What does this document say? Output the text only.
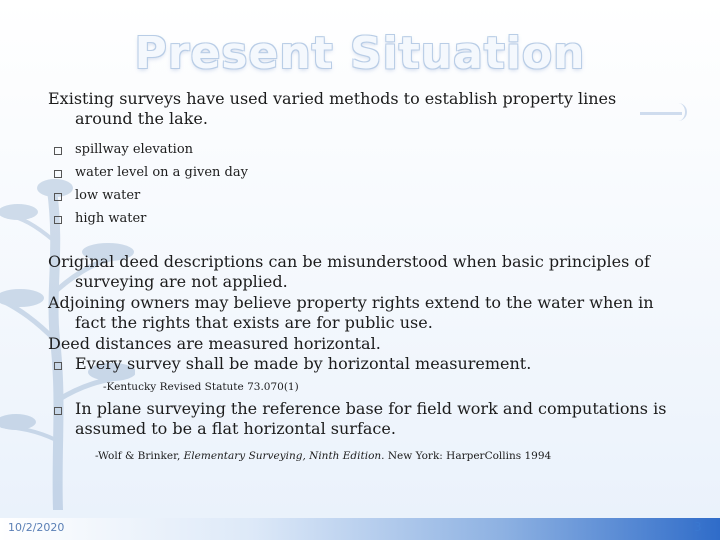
Present Situation

Existing surveys have used varied methods to establish property lines around the lake.

spillway elevation
water level on a given day
low water
high water

Original deed descriptions can be misunderstood when basic principles of surveying are not applied.

Adjoining owners may believe property rights extend to the water when in fact the rights that exists are for public use.

Deed distances are measured horizontal.

Every survey shall be made by horizontal measurement.
-Kentucky Revised Statute 73.070(1)
In plane surveying the reference base for field work and computations is assumed to be a flat horizontal surface.
-Wolf & Brinker, Elementary Surveying, Ninth Edition. New York: HarperCollins 1994
10/2/2020	3
